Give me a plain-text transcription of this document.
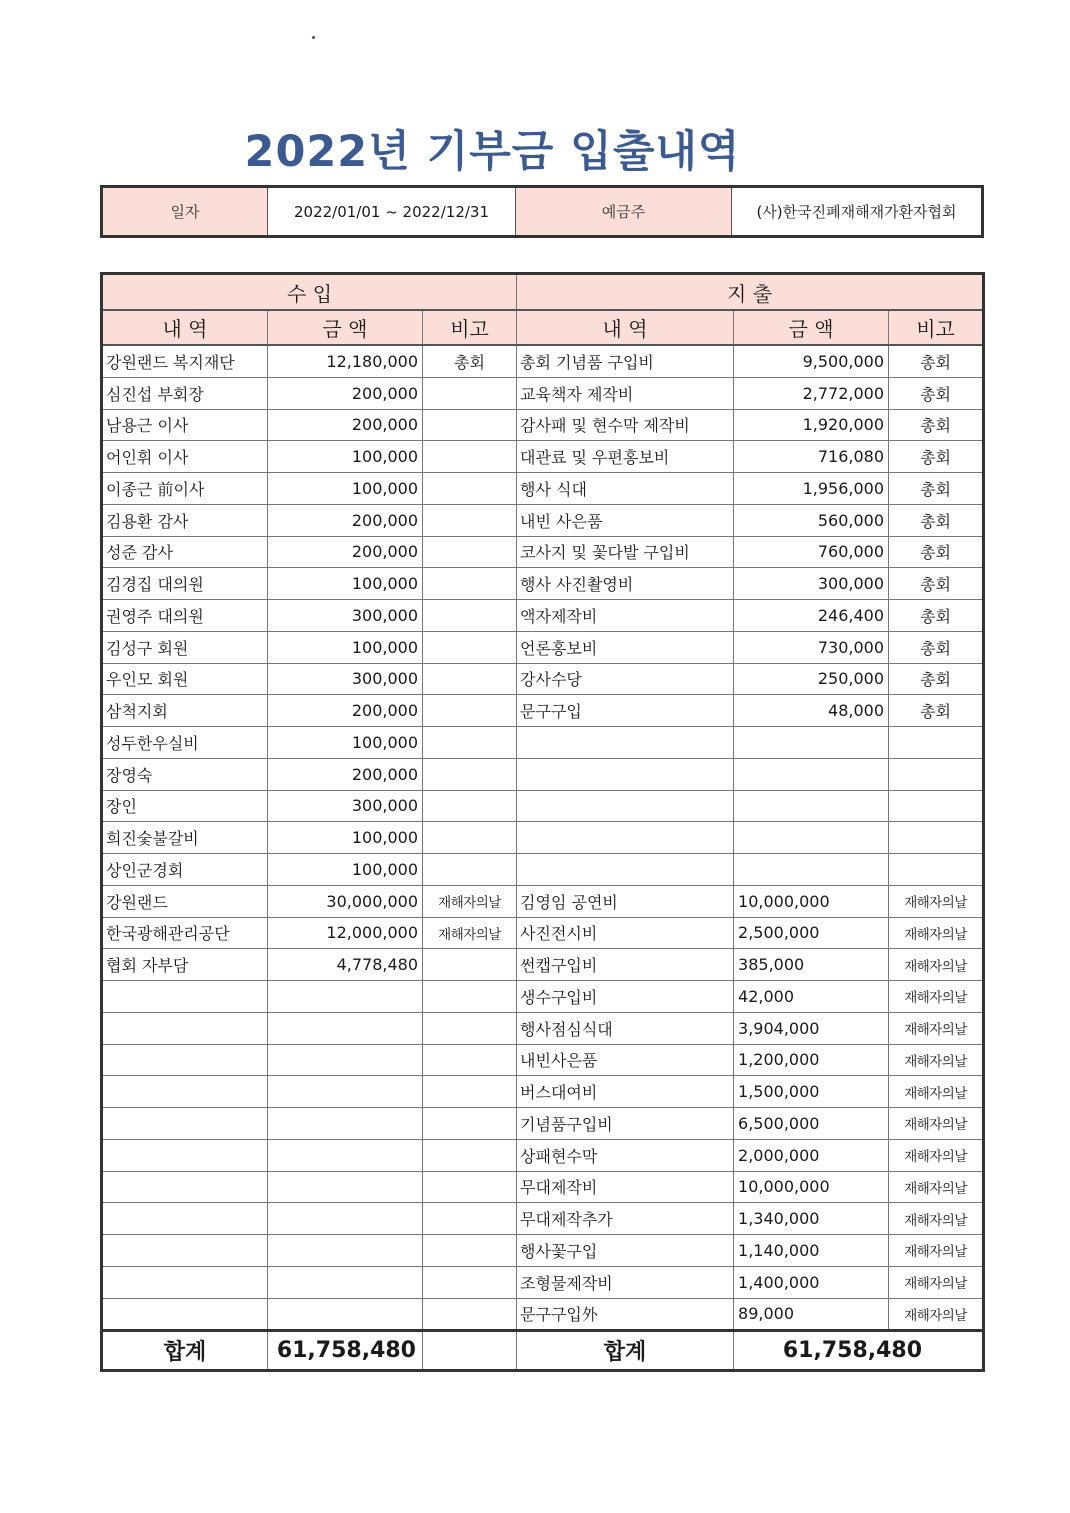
2022년 기부금 입출내역
일자	2022/01/01 ~ 2022/12/31	예금주	(사)한국진폐재해재가환자협회
수 입			지 출		
내 역	금 액	비고	내 역	금 액	비고
강원랜드 복지재단	12,180,000	총회	총회 기념품 구입비	9,500,000	총회
심진섭 부회장	200,000		교육책자 제작비	2,772,000	총회
남용근 이사	200,000		감사패 및 현수막 제작비	1,920,000	총회
어인휘 이사	100,000		대관료 및 우편홍보비	716,080	총회
이종근 前이사	100,000		행사 식대	1,956,000	총회
김용환 감사	200,000		내빈 사은품	560,000	총회
성준 감사	200,000		코사지 및 꽃다발 구입비	760,000	총회
김경집 대의원	100,000		행사 사진촬영비	300,000	총회
권영주 대의원	300,000		액자제작비	246,400	총회
김성구 회원	100,000		언론홍보비	730,000	총회
우인모 회원	300,000		강사수당	250,000	총회
삼척지회	200,000		문구구입	48,000	총회
성두한우실비	100,000				
장영숙	200,000				
장인	300,000				
희진숯불갈비	100,000				
상인군경회	100,000				
강원랜드	30,000,000	재해자의날	김영임 공연비	10,000,000	재해자의날
한국광해관리공단	12,000,000	재해자의날	사진전시비	2,500,000	재해자의날
협회 자부담	4,778,480		썬캡구입비	385,000	재해자의날
			생수구입비	42,000	재해자의날
			행사점심식대	3,904,000	재해자의날
			내빈사은품	1,200,000	재해자의날
			버스대여비	1,500,000	재해자의날
			기념품구입비	6,500,000	재해자의날
			상패현수막	2,000,000	재해자의날
			무대제작비	10,000,000	재해자의날
			무대제작추가	1,340,000	재해자의날
			행사꽃구입	1,140,000	재해자의날
			조형물제작비	1,400,000	재해자의날
			문구구입外	89,000	재해자의날
합계	61,758,480		합계	61,758,480	
